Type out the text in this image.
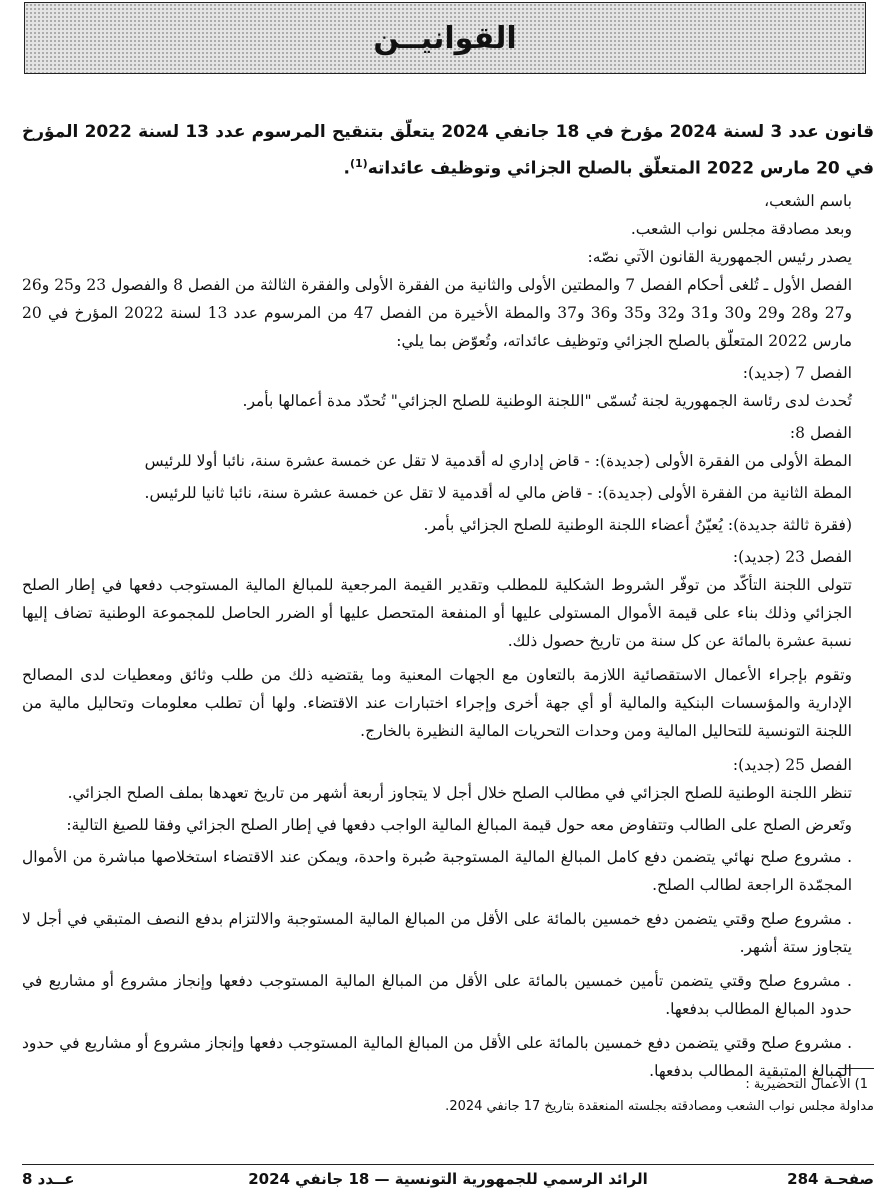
القوانيــن
قانون عدد 3 لسنة 2024 مؤرخ في 18 جانفي 2024 يتعلّق بتنقيح المرسوم عدد 13 لسنة 2022 المؤرخ في 20 مارس 2022 المتعلّق بالصلح الجزائي وتوظيف عائداته$^{(1)}$.

باسم الشعب،

وبعد مصادقة مجلس نواب الشعب.

يصدر رئيس الجمهورية القانون الآتي نصّه:

الفصل الأول ـ تُلغى أحكام الفصل 7 والمطتين الأولى والثانية من الفقرة الأولى والفقرة الثالثة من الفصل 8 والفصول 23 و25 و26 و27 و28 و29 و30 و31 و32 و35 و36 و37 والمطة الأخيرة من الفصل 47 من المرسوم عدد 13 لسنة 2022 المؤرخ في 20 مارس 2022 المتعلّق بالصلح الجزائي وتوظيف عائداته، وتُعوّض بما يلي:

الفصل 7 (جديد):

تُحدث لدى رئاسة الجمهورية لجنة تُسمّى "اللجنة الوطنية للصلح الجزائي" تُحدّد مدة أعمالها بأمر.

الفصل 8:

المطة الأولى من الفقرة الأولى (جديدة): - قاض إداري له أقدمية لا تقل عن خمسة عشرة سنة، نائبا أولا للرئيس

المطة الثانية من الفقرة الأولى (جديدة): - قاض مالي له أقدمية لا تقل عن خمسة عشرة سنة، نائبا ثانيا للرئيس.

(فقرة ثالثة جديدة): يُعيّنُ أعضاء اللجنة الوطنية للصلح الجزائي بأمر.

الفصل 23 (جديد):

تتولى اللجنة التأكّد من توفّر الشروط الشكلية للمطلب وتقدير القيمة المرجعية للمبالغ المالية المستوجب دفعها في إطار الصلح الجزائي وذلك بناء على قيمة الأموال المستولى عليها أو المنفعة المتحصل عليها أو الضرر الحاصل للمجموعة الوطنية تضاف إليها نسبة عشرة بالمائة عن كل سنة من تاريخ حصول ذلك.

وتقوم بإجراء الأعمال الاستقصائية اللازمة بالتعاون مع الجهات المعنية وما يقتضيه ذلك من طلب وثائق ومعطيات لدى المصالح الإدارية والمؤسسات البنكية والمالية أو أي جهة أخرى وإجراء اختبارات عند الاقتضاء. ولها أن تطلب معلومات وتحاليل مالية من اللجنة التونسية للتحاليل المالية ومن وحدات التحريات المالية النظيرة بالخارج.

الفصل 25 (جديد):

تنظر اللجنة الوطنية للصلح الجزائي في مطالب الصلح خلال أجل لا يتجاوز أربعة أشهر من تاريخ تعهدها بملف الصلح الجزائي.

وتَعرض الصلح على الطالب وتتفاوض معه حول قيمة المبالغ المالية الواجب دفعها في إطار الصلح الجزائي وفقا للصيغ التالية:

. مشروع صلح نهائي يتضمن دفع كامل المبالغ المالية المستوجبة صُبرة واحدة، ويمكن عند الاقتضاء استخلاصها مباشرة من الأموال المجمّدة الراجعة لطالب الصلح.

. مشروع صلح وقتي يتضمن دفع خمسين بالمائة على الأقل من المبالغ المالية المستوجبة والالتزام بدفع النصف المتبقي في أجل لا يتجاوز ستة أشهر.

. مشروع صلح وقتي يتضمن تأمين خمسين بالمائة على الأقل من المبالغ المالية المستوجب دفعها وإنجاز مشروع أو مشاريع في حدود المبالغ المطالب بدفعها.

. مشروع صلح وقتي يتضمن دفع خمسين بالمائة على الأقل من المبالغ المالية المستوجب دفعها وإنجاز مشروع أو مشاريع في حدود المبالغ المتبقية المطالب بدفعها.

1) الأعمال التحضيرية :

مداولة مجلس نواب الشعب ومصادقته بجلسته المنعقدة بتاريخ 17 جانفي 2024.

صفحـة 284
الرائد الرسمي للجمهورية التونسية — 18 جانفي 2024
عــدد 8
